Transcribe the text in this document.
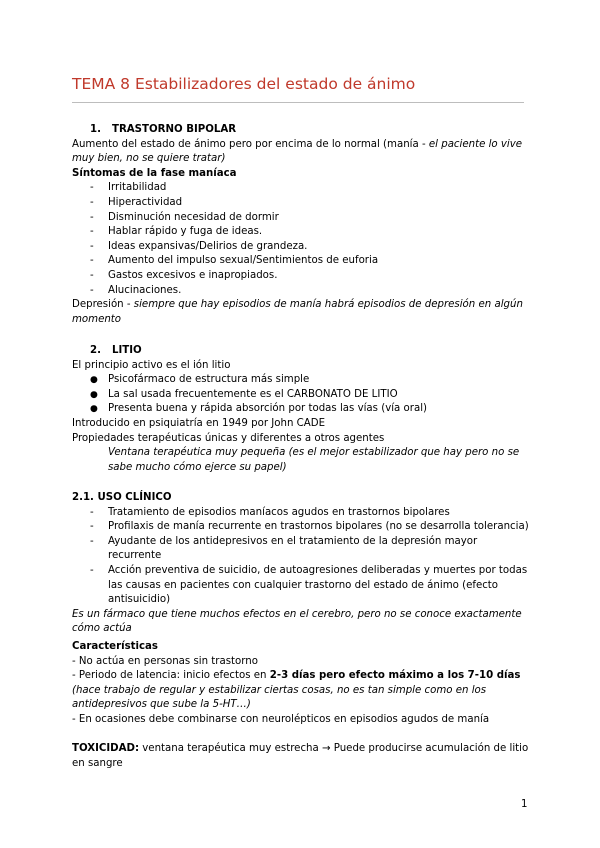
TEMA 8 Estabilizadores del estado de ánimo
1. TRASTORNO BIPOLAR

Aumento del estado de ánimo pero por encima de lo normal (manía - el paciente lo vive muy bien, no se quiere tratar)

Síntomas de la fase maníaca
- Irritabilidad
- Hiperactividad
- Disminución necesidad de dormir
- Hablar rápido y fuga de ideas.
- Ideas expansivas/Delirios de grandeza.
- Aumento del impulso sexual/Sentimientos de euforia
- Gastos excesivos e inapropiados.
- Alucinaciones.

Depresión - siempre que hay episodios de manía habrá episodios de depresión en algún momento

2. LITIO

El principio activo es el ión litio

● Psicofármaco de estructura más simple
● La sal usada frecuentemente es el CARBONATO DE LITIO
● Presenta buena y rápida absorción por todas las vías (vía oral)

Introducido en psiquiatría en 1949 por John CADE

Propiedades terapéuticas únicas y diferentes a otros agentes

Ventana terapéutica muy pequeña (es el mejor estabilizador que hay pero no se sabe mucho cómo ejerce su papel)

2.1. USO CLÍNICO
- Tratamiento de episodios maníacos agudos en trastornos bipolares
- Profilaxis de manía recurrente en trastornos bipolares (no se desarrolla tolerancia)
- Ayudante de los antidepresivos en el tratamiento de la depresión mayor recurrente
- Acción preventiva de suicidio, de autoagresiones deliberadas y muertes por todas las causas en pacientes con cualquier trastorno del estado de ánimo (efecto antisuicidio)

Es un fármaco que tiene muchos efectos en el cerebro, pero no se conoce exactamente cómo actúa

Características

- No actúa en personas sin trastorno

- Periodo de latencia: inicio efectos en 2-3 días pero efecto máximo a los 7-10 días (hace trabajo de regular y estabilizar ciertas cosas, no es tan simple como en los antidepresivos que sube la 5-HT…)

- En ocasiones debe combinarse con neurolépticos en episodios agudos de manía

TOXICIDAD: ventana terapéutica muy estrecha → Puede producirse acumulación de litio en sangre

1
